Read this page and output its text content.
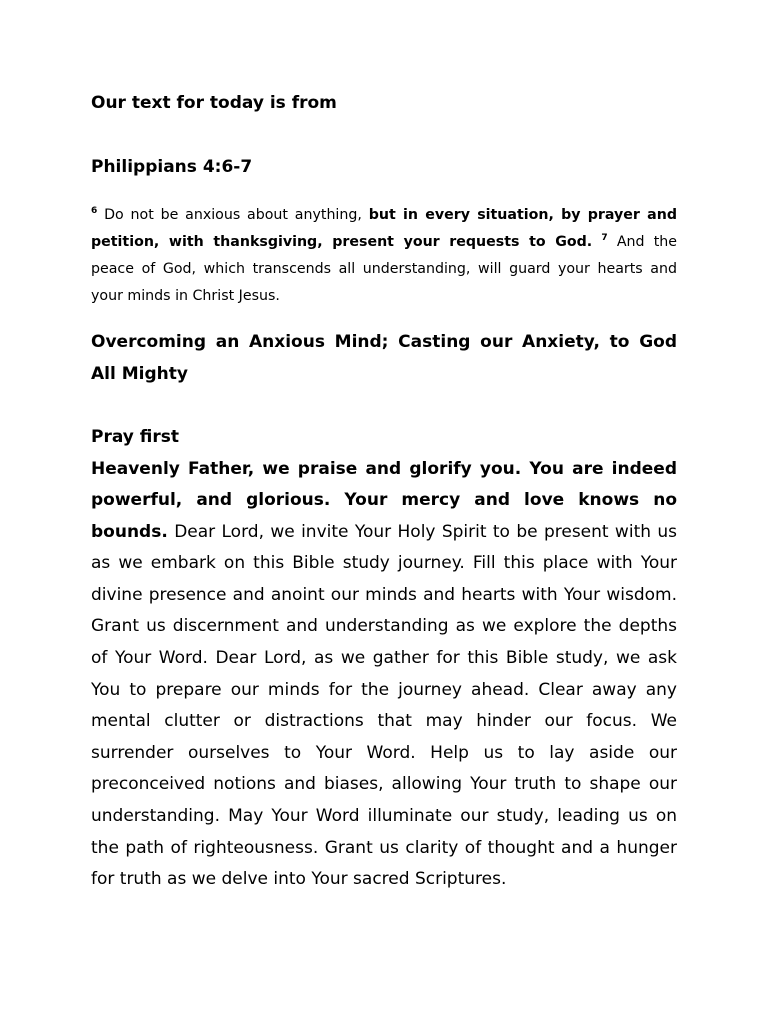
Our text for today is from

Philippians 4:6-7

$^6$ Do not be anxious about anything, but in every situation, by prayer and petition, with thanksgiving, present your requests to God. $^7$ And the peace of God, which transcends all understanding, will guard your hearts and your minds in Christ Jesus.

Overcoming an Anxious Mind; Casting our Anxiety, to God All Mighty

Pray first

Heavenly Father, we praise and glorify you. You are indeed powerful, and glorious. Your mercy and love knows no bounds. Dear Lord, we invite Your Holy Spirit to be present with us as we embark on this Bible study journey. Fill this place with Your divine presence and anoint our minds and hearts with Your wisdom. Grant us discernment and understanding as we explore the depths of Your Word. Dear Lord, as we gather for this Bible study, we ask You to prepare our minds for the journey ahead. Clear away any mental clutter or distractions that may hinder our focus. We surrender ourselves to Your Word. Help us to lay aside our preconceived notions and biases, allowing Your truth to shape our understanding. May Your Word illuminate our study, leading us on the path of righteousness. Grant us clarity of thought and a hunger for truth as we delve into Your sacred Scriptures.
